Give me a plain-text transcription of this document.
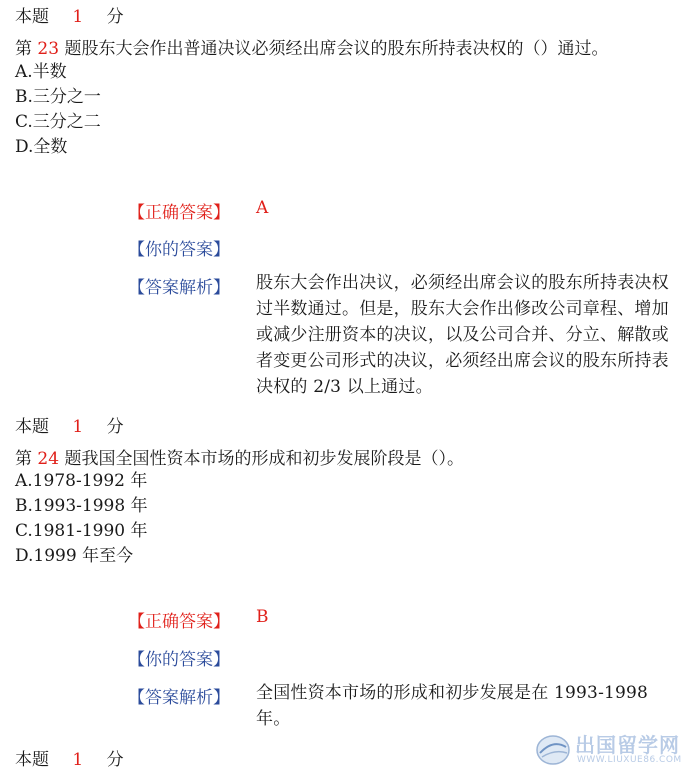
本题 1 分
第 23 题股东大会作出普通决议必须经出席会议的股东所持表决权的（）通过。
A.半数
B.三分之一
C.三分之二
D.全数
【正确答案】 A
【你的答案】
【答案解析】 股东大会作出决议，必须经出席会议的股东所持表决权过半数通过。但是，股东大会作出修改公司章程、增加或减少注册资本的决议，以及公司合并、分立、解散或者变更公司形式的决议，必须经出席会议的股东所持表决权的 2/3 以上通过。
本题 1 分
第 24 题我国全国性资本市场的形成和初步发展阶段是（）。
A.1978-1992 年
B.1993-1998 年
C.1981-1990 年
D.1999 年至今
【正确答案】 B
【你的答案】
【答案解析】 全国性资本市场的形成和初步发展是在 1993-1998 年。
本题 1 分
出国留学网
WWW.LIUXUE86.COM
